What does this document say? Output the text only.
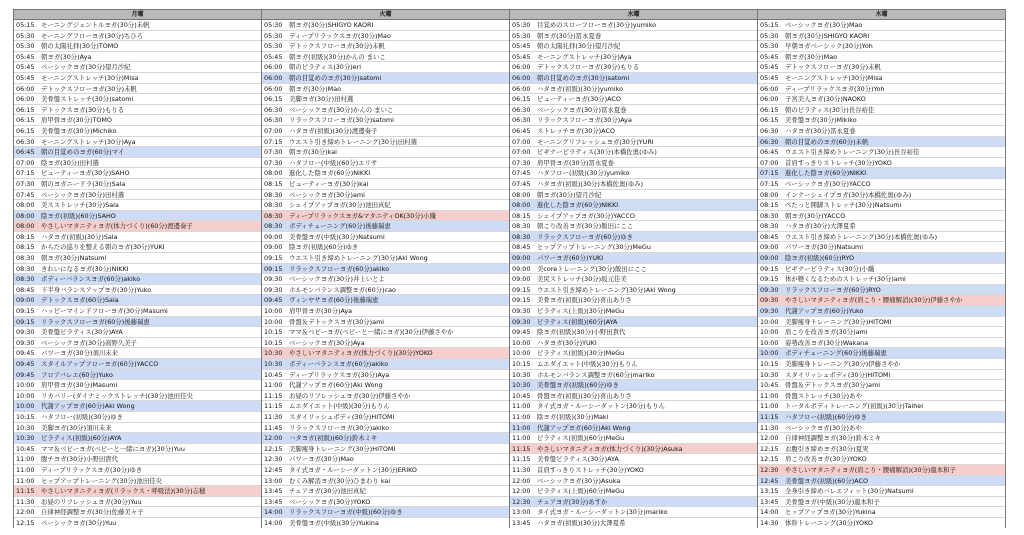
月曜
05:15	モーニングジェントルヨガ(30分)未帆
05:30	モーニングフローヨガ(30分)ちひろ
05:30	朝の太陽礼拝(30分)TOMO
05:45	朝ヨガ(30分)Aya
05:45	ベーシックヨガ(30分)望月沙紀
05:45	モーニングストレッチ(30分)Misa
06:00	デトックスフローヨガ(30分)未帆
06:00	美骨盤ストレッチ(30分)satomi
06:15	デトックスヨガ(30分)もりる
06:15	肩甲骨ヨガ(30分)TOMO
06:15	美骨盤ヨガ(30分)Michiko
06:30	モーニングストレッチ(30分)Aya
06:45	朝の目覚めのヨガ(60分)マイ
07:00	陰ヨガ(30分)田村選
07:15	ビューティーヨガ(30分)SAHO
07:30	朝のヨガニードラ(30分)Sala
07:45	ベーシックヨガ(30分)田村選
08:00	美スストレッチ(30分)Sala
08:00	陰ヨガ(初級)(60分)SAHO
08:00	やさしいマタニティヨガ(体力づくり)(60分)渡邊奏子
08:15	ハタヨガ(初級)(30分)Sala
08:15	からだの巡りを整える朝のヨガ(30分)YUKI
08:30	朝ヨガ(30分)Natsumi
08:30	きれいになるヨガ(30分)NIKKI
08:30	ボディーバランスヨガ(60分)akiko
08:45	下半身バランスアップヨガ(30分)Yuko
09:00	デトックスヨガ(60分)Sala
09:15	ハッピーマインドフローヨガ(30分)Masumi
09:15	リラックスフローヨガ(60分)後藤瑞恵
09:30	美骨盤ピラティス(30分)AYA
09:30	ベーシックヨガ(30分)髙野久美子
09:45	パワーヨガ(30分)須川未来
09:45	スタイルアップフローヨガ(60分)YACCO
09:45	フロアバレエ(60分)Yuko
10:00	肩甲骨ヨガ(30分)Masumi
10:00	リカバリー(ダイナミックストレッチ)(30分)池田佳央
10:00	代謝アップヨガ(60分)Aki Wong
10:15	ハタフロー(初級)(30分)ゆき
10:30	美脚ヨガ(30分)須川未来
10:30	ピラティス(初級)(60分)AYA
10:45	ママ＆ベビーヨガ(ベビーと一緒にヨガ)(30分)Yuu
11:00	腹チヨガ(30分)小野田貴代
11:00	ディープリラックスヨガ(30分)ゆき
11:00	ヒップアップトレーニング(30分)池田佳央
11:15	やさしいマタニティヨガ(リラックス・呼吸法)(30分)志穂
11:30	お昼のリフレッシュヨガ(30分)Yuu
12:00	自律神経調整ヨガ(30分)佐藤美々子
12:15	ベーシックヨガ(30分)Yuu
火曜
05:30	朝ヨガ(30分)SHIGYO KAORI
05:30	ディープリラックスヨガ(30分)Mao
05:30	デトックスフローヨガ(30分)未帆
05:45	朝ヨガ(初級)(30分)かんの まいこ
06:00	朝のピラティス(30分)eri
06:00	朝の目覚めのヨガ(30分)satomi
06:00	朝ヨガ(30分)Mao
06:15	美脚ヨガ(30分)田村選
06:30	ベーシックヨガ(30分)かんの まいこ
06:30	リラックスフローヨガ(30分)satomi
07:00	ハタヨガ(初級)(30分)渡邊奏子
07:15	ウエスト引き締めトレーニング(30分)田村選
07:30	朝ヨガ(30分)kai
07:30	ハタフロー(中級)(60分)エリサ
08:00	進化した陰ヨガ(60分)NIKKI
08:15	ビューティーヨガ(30分)kai
08:30	ベーシックヨガ(30分)ami
08:30	シェイプアップヨガ(30分)池田真紀
08:30	ディープリラックスヨガ&マタニティOK(30分)小織
08:30	ボディチューニング(60分)後藤瑞恵
09:00	美骨盤ヨガ(中級)(30分)Natsumi
09:00	陰ヨガ(初級)(60分)ゆき
09:15	ウエスト引き締めトレーニング(30分)Aki Wong
09:15	リラックスフローヨガ(60分)akiko
09:30	ベーシックヨガ(30分)井上いとよ
09:30	ホルモンバランス調整ヨガ(60分)cao
09:45	ヴィンヤサヨガ(60分)後藤瑞恵
10:00	肩甲骨ヨガ(30分)Aya
10:00	骨盤＆デトックスヨガ(30分)ami
10:15	ママ＆ベビーヨガ(ベビーと一緒にヨガ)(30分)伊藤さやか
10:15	ベーシックヨガ(30分)Aya
10:30	やさしいマタニティヨガ(体力づくり)(30分)YOKO
10:30	ボディーバランスヨガ(60分)akiko
10:45	ディープリラックスヨガ(30分)Aya
11:00	代謝アップヨガ(60分)Aki Wong
11:15	お昼のリフレッシュヨガ(30分)伊藤さやか
11:15	ムエダイエット(中級)(30分)もりん
11:30	スタイリッシュボディ(30分)HITOMI
11:45	リラックスフローヨガ(30分)akiko
12:00	ハタヨガ(初級)(60分)鈴木ミキ
12:15	美脚痩身トレーニング(30分)HITOMI
12:30	パワーヨガ(30分)Mao
12:45	タイ式ヨガ・ルーシーダットン(30分)ERIKO
13:00	むくみ解消ヨガ(30分)ひまわり kai
13:45	チェアヨガ(30分)池田真紀
13:45	ベーシックヨガ(30分)YOKO
14:00	リラックスフローヨガ(中級)(60分)ゆき
14:00	美骨盤ヨガ(中級)(30分)Yukina
水曜
05:30	目覚めのスローフローヨガ(30分)yumiko
05:30	朝ヨガ(30分)冨永夏巻
05:45	朝の太陽礼拝(30分)望月沙紀
05:45	モーニングストレッチ(30分)Aya
06:00	デトックスフローヨガ(30分)もりる
06:00	朝の目覚めのヨガ(30分)satomi
06:00	ハタヨガ(初級)(30分)yumiko
06:15	ビューティーヨガ(30分)ACO
06:30	ベーシックヨガ(30分)冨永夏巻
06:30	リラックスフローヨガ(30分)Aya
06:45	ストレッチヨガ(30分)ACO
07:00	モーニングリフレッシュヨガ(30分)YURI
07:00	ビギナーピラティス(30分)本橋佐奥(ゆみ)
07:30	肩甲骨ヨガ(30分)冨永夏巻
07:45	ハタフロー(初級)(30分)yumiko
07:45	ハタヨガ(初級)(30分)本橋佐奥(ゆみ)
08:00	朝ヨガ(30分)望月沙紀
08:00	進化した陰ヨガ(60分)NIKKI
08:15	シェイプアップヨガ(30分)YACCO
08:30	朝こり改善ヨガ(30分)飯田にここ
08:30	リラックスフローヨガ(60分)ゆき
08:45	ヒップアップトレーニング(30分)MeGu
09:00	パワーヨガ(60分)YUKI
09:00	美coreトレーニング(30分)飯田にここ
09:00	美尻ストレッチ(30分)坂元佳美
09:15	ウエスト引き締めトレーニング(30分)Aki Wong
09:15	美骨ヨガ(初級)(30分)喜山ありさ
09:30	ピラティス(上級)(30分)MeGu
09:30	ピラティス(初級)(60分)AYA
09:45	陰ヨガ(初級)(30分)小野田貴代
10:00	ハタヨガ(30分)YUKI
10:00	ピラティス(初級)(30分)MeGu
10:15	ムエダイエット(中級)(30分)もりん
10:30	ホルモンバランス調整ヨガ(60分)mariko
10:30	美骨盤ヨガ(初級)(60分)ゆき
10:45	骨盤ヨガ(初級)(30分)喜山ありさ
11:00	タイ式ヨガ・ルーシーダットン(30分)もりん
11:00	陰ヨガ(初級)(30分)Maki
11:00	代謝アップヨガ(60分)Aki Wong
11:00	ピラティス(初級)(60分)MeGu
11:15	やさしいマタニティヨガ(体力づくり)(30分)Asuka
11:15	美骨盤ピラティス(30分)AYA
11:30	首肩すっきりストレッチ(30分)YOKO
12:00	ベーシックヨガ(30分)Asuka
12:00	ピラティス(上級)(60分)MeGu
12:30	チェアヨガ(30分)あすか
13:00	タイ式ヨガ・ルーシーダットン(30分)mariko
13:45	ハタヨガ(初級)(30分)大澤夏希
木曜
05:15	ベーシックヨガ(30分)Mao
05:30	朝ヨガ(30分)SHIGYO KAORI
05:30	早朝ヨガベーシック(30分)Yoh
05:45	朝ヨガ(30分)Mao
05:45	デトックスフローヨガ(30分)未帆
05:45	モーニングストレッチ(30分)Misa
06:00	ディープリラックスヨガ(30分)Yoh
06:00	子宮美人ヨガ(30分)NAOKO
06:15	朝のピラティス(30分)長谷裕佳
06:15	美骨盤ヨガ(30分)Mikiko
06:30	ハタヨガ(30分)冨永夏巻
06:30	朝の目覚めのヨガ(60分)未帆
06:45	ウエスト引き締めトレーニング(30分)長谷裕佳
07:00	首肩すっきりストレッチ(30分)YOKO
07:15	進化した陰ヨガ(60分)NIKKI
07:15	ベーシックヨガ(30分)YACCO
08:00	インナーシェイプヨガ(30分)本橋佐奥(ゆみ)
08:15	ぺたっと開脚ストレッチ(30分)Natsumi
08:30	朝ヨガ(30分)YACCO
08:30	ハタヨガ(30分)大澤夏希
08:45	ウエスト引き締めトレーニング(30分)本橋佐奥(ゆみ)
09:00	パワーヨガ(30分)Natsumi
09:00	陰ヨガ(初級)(60分)RYO
09:15	ビギナーピラティス(30分)小織
09:15	体が軽くなるためのストレッチ(30分)ami
09:30	リラックスフローヨガ(60分)RYO
09:30	やさしいマタニティヨガ(肩こり・腰痛解消)(30分)伊藤さやか
09:30	代謝アップヨガ(60分)Yuko
10:00	美脚痩身トレーニング(30分)HITOMI
10:00	肩こりを改善ヨガ(30分)ami
10:00	姿勢改善ヨガ(30分)Wakana
10:00	ボディチューニング(60分)後藤瑞恵
10:15	美脚痩身トレーニング(30分)伊藤さやか
10:30	スタイリッシュボディ(30分)HITOMI
10:45	骨盤＆デトックスヨガ(30分)ami
11:00	骨盤ストレッチ(30分)あや
11:00	トータルボディトレーニング(初級)(30分)Taihei
11:15	ハタフロー(初級)(60分)ゆき
11:30	ベーシックヨガ(30分)あや
12:00	自律神経調整ヨガ(30分)鈴木ミキ
12:15	お腹引き締めヨガ(30分)夏実
12:15	肩こり改善ヨガ(30分)YOKO
12:30	やさしいマタニティヨガ(肩こり・腰痛解消)(30分)龍本和子
12:45	美骨盤ヨガ(初級)(60分)ACO
13:15	全身引き締めバレエフィット(30分)Natsumi
13:45	美骨盤ヨガ(中級)(30分)龍本和子
14:00	ヒップアップヨガ(30分)Yukina
14:30	体幹トレーニング(30分)YOKO
